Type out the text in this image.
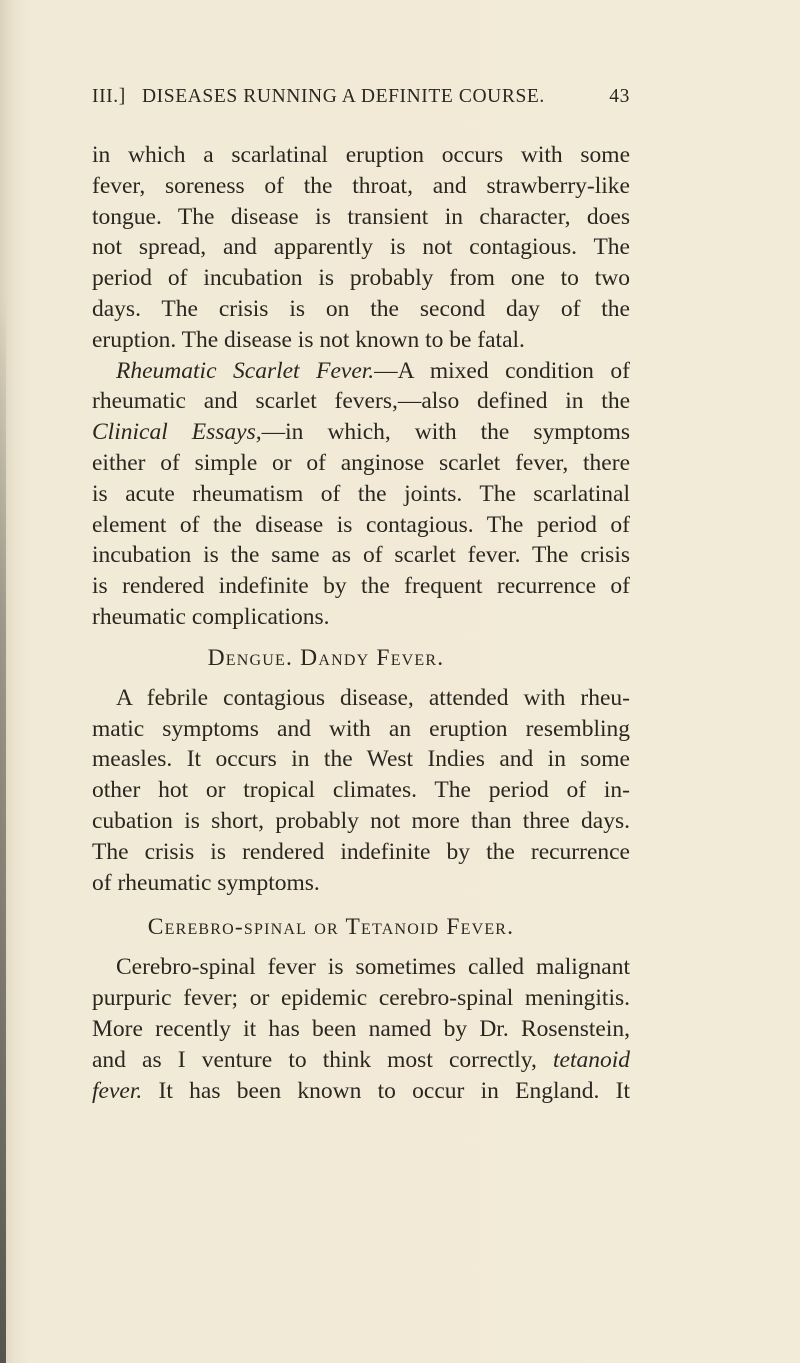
III.] DISEASES RUNNING A DEFINITE COURSE.	43
in which a scarlatinal eruption occurs with some
fever, soreness of the throat, and strawberry-like
tongue. The disease is transient in character, does
not spread, and apparently is not contagious. The
period of incubation is probably from one to two
days. The crisis is on the second day of the
eruption. The disease is not known to be fatal.
Rheumatic Scarlet Fever.—A mixed condition of
rheumatic and scarlet fevers,—also defined in the
Clinical Essays,—in which, with the symptoms
either of simple or of anginose scarlet fever, there
is acute rheumatism of the joints. The scarlatinal
element of the disease is contagious. The period of
incubation is the same as of scarlet fever. The crisis
is rendered indefinite by the frequent recurrence of
rheumatic complications.
Dengue. Dandy Fever.
A febrile contagious disease, attended with rheu-
matic symptoms and with an eruption resembling
measles. It occurs in the West Indies and in some
other hot or tropical climates. The period of in-
cubation is short, probably not more than three days.
The crisis is rendered indefinite by the recurrence
of rheumatic symptoms.
Cerebro-spinal or Tetanoid Fever.
Cerebro-spinal fever is sometimes called malignant
purpuric fever; or epidemic cerebro-spinal meningitis.
More recently it has been named by Dr. Rosenstein,
and as I venture to think most correctly, tetanoid
fever. It has been known to occur in England. It
